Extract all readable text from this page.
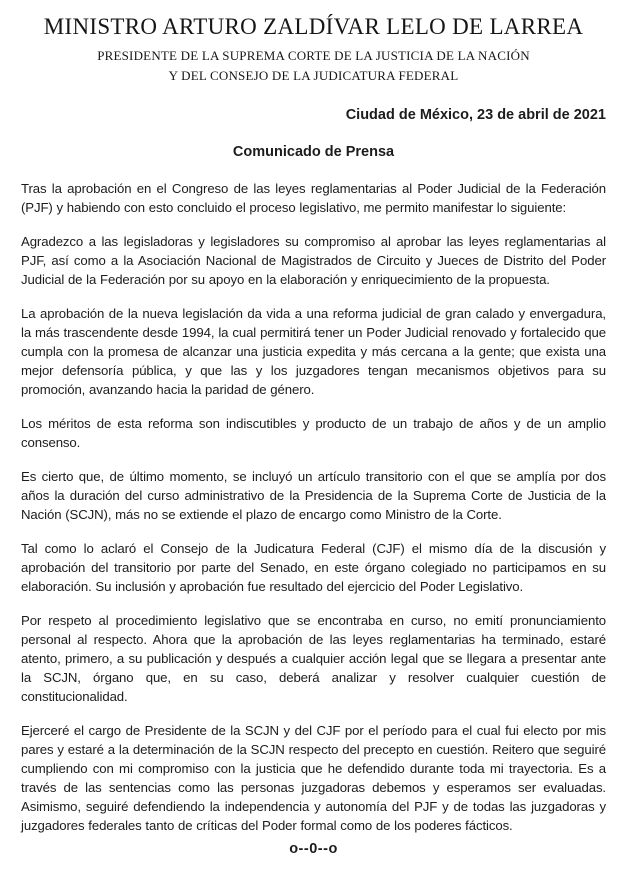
MINISTRO ARTURO ZALDÍVAR LELO DE LARREA
PRESIDENTE DE LA SUPREMA CORTE DE LA JUSTICIA DE LA NACIÓN
Y DEL CONSEJO DE LA JUDICATURA FEDERAL
Ciudad de México, 23 de abril de 2021
Comunicado de Prensa

Tras la aprobación en el Congreso de las leyes reglamentarias al Poder Judicial de la Federación (PJF) y habiendo con esto concluido el proceso legislativo, me permito manifestar lo siguiente:

Agradezco a las legisladoras y legisladores su compromiso al aprobar las leyes reglamentarias al PJF, así como a la Asociación Nacional de Magistrados de Circuito y Jueces de Distrito del Poder Judicial de la Federación por su apoyo en la elaboración y enriquecimiento de la propuesta.

La aprobación de la nueva legislación da vida a una reforma judicial de gran calado y envergadura, la más trascendente desde 1994, la cual permitirá tener un Poder Judicial renovado y fortalecido que cumpla con la promesa de alcanzar una justicia expedita y más cercana a la gente; que exista una mejor defensoría pública, y que las y los juzgadores tengan mecanismos objetivos para su promoción, avanzando hacia la paridad de género.

Los méritos de esta reforma son indiscutibles y producto de un trabajo de años y de un amplio consenso.

Es cierto que, de último momento, se incluyó un artículo transitorio con el que se amplía por dos años la duración del curso administrativo de la Presidencia de la Suprema Corte de Justicia de la Nación (SCJN), más no se extiende el plazo de encargo como Ministro de la Corte.

Tal como lo aclaró el Consejo de la Judicatura Federal (CJF) el mismo día de la discusión y aprobación del transitorio por parte del Senado, en este órgano colegiado no participamos en su elaboración. Su inclusión y aprobación fue resultado del ejercicio del Poder Legislativo.

Por respeto al procedimiento legislativo que se encontraba en curso, no emití pronunciamiento personal al respecto. Ahora que la aprobación de las leyes reglamentarias ha terminado, estaré atento, primero, a su publicación y después a cualquier acción legal que se llegara a presentar ante la SCJN, órgano que, en su caso, deberá analizar y resolver cualquier cuestión de constitucionalidad.

Ejerceré el cargo de Presidente de la SCJN y del CJF por el período para el cual fui electo por mis pares y estaré a la determinación de la SCJN respecto del precepto en cuestión. Reitero que seguiré cumpliendo con mi compromiso con la justicia que he defendido durante toda mi trayectoria. Es a través de las sentencias como las personas juzgadoras debemos y esperamos ser evaluadas. Asimismo, seguiré defendiendo la independencia y autonomía del PJF y de todas las juzgadoras y juzgadores federales tanto de críticas del Poder formal como de los poderes fácticos.

o--0--o
